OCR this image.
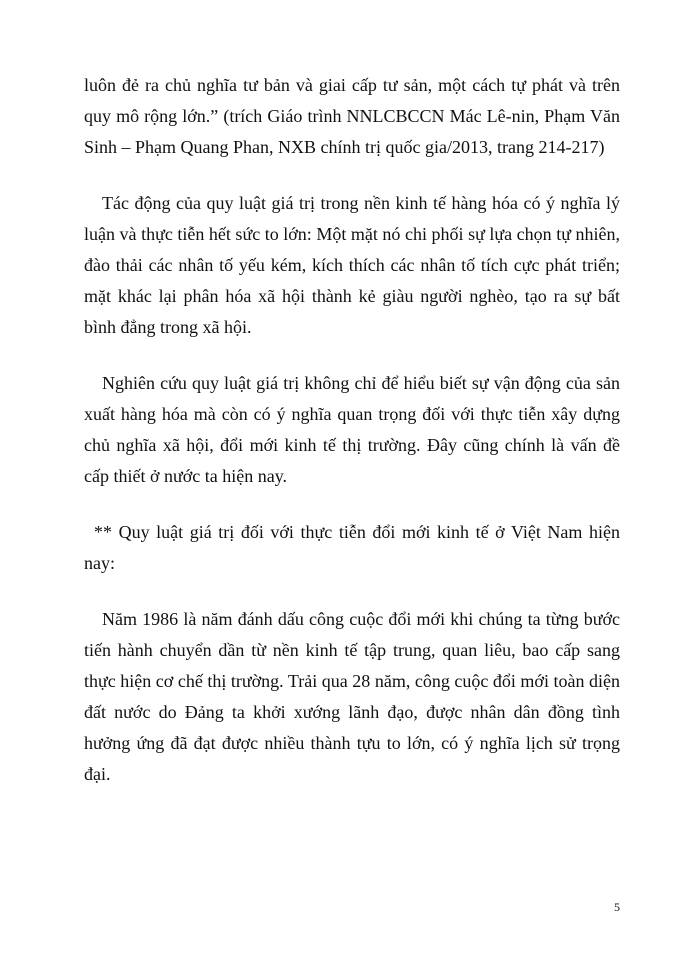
luôn đẻ ra chủ nghĩa tư bản và giai cấp tư sản, một cách tự phát và trên quy mô rộng lớn.” (trích Giáo trình NNLCBCCN Mác Lê-nin, Phạm Văn Sinh – Phạm Quang Phan, NXB chính trị quốc gia/2013, trang 214-217)

Tác động của quy luật giá trị trong nền kinh tế hàng hóa có ý nghĩa lý luận và thực tiễn hết sức to lớn: Một mặt nó chi phối sự lựa chọn tự nhiên, đào thải các nhân tố yếu kém, kích thích các nhân tố tích cực phát triển; mặt khác lại phân hóa xã hội thành kẻ giàu người nghèo, tạo ra sự bất bình đẳng trong xã hội.

Nghiên cứu quy luật giá trị không chỉ để hiểu biết sự vận động của sản xuất hàng hóa mà còn có ý nghĩa quan trọng đối với thực tiễn xây dựng chủ nghĩa xã hội, đổi mới kinh tế thị trường. Đây cũng chính là vấn đề cấp thiết ở nước ta hiện nay.

** Quy luật giá trị đối với thực tiễn đổi mới kinh tế ở Việt Nam hiện nay:

Năm 1986 là năm đánh dấu công cuộc đổi mới khi chúng ta từng bước tiến hành chuyển dần từ nền kinh tế tập trung, quan liêu, bao cấp sang thực hiện cơ chế thị trường. Trải qua 28 năm, công cuộc đổi mới toàn diện đất nước do Đảng ta khởi xướng lãnh đạo, được nhân dân đồng tình hưởng ứng đã đạt được nhiều thành tựu to lớn, có ý nghĩa lịch sử trọng đại.

5
